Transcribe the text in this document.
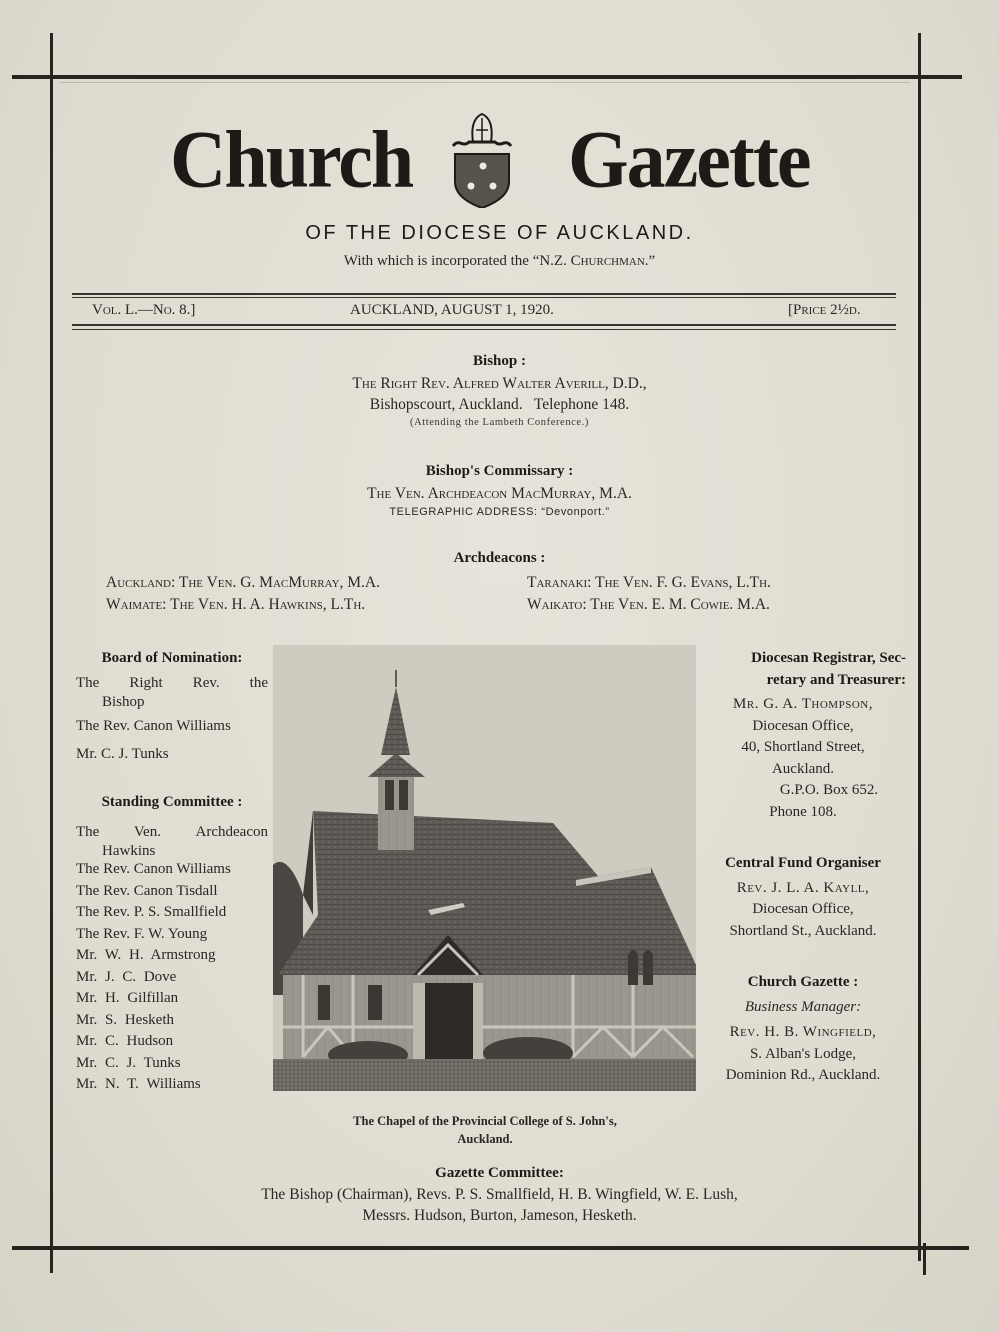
Church Gazette
OF THE DIOCESE OF AUCKLAND.
With which is incorporated the “N.Z. Churchman.”
Vol. L.—No. 8.]	AUCKLAND, AUGUST 1, 1920.	[Price 2½d.
Bishop :
The Right Rev. Alfred Walter Averill, D.D.,
Bishopscourt, Auckland.   Telephone 148.
(Attending the Lambeth Conference.)
Bishop's Commissary :
The Ven. Archdeacon MacMurray, M.A.
TELEGRAPHIC ADDRESS: “Devonport.”
Archdeacons :
Auckland: The Ven. G. MacMurray, M.A.
Waimate: The Ven. H. A. Hawkins, L.Th.
Taranaki: The Ven. F. G. Evans, L.Th.
Waikato: The Ven. E. M. Cowie. M.A.
Board of Nomination:
The Right Rev. the
Bishop
The Rev. Canon Williams
Mr. C. J. Tunks
Standing Committee :
The Ven. Archdeacon
Hawkins
The Rev. Canon Williams
The Rev. Canon Tisdall
The Rev. P. S. Smallfield
The Rev. F. W. Young
Mr. W. H. Armstrong
Mr. J. C. Dove
Mr. H. Gilfillan
Mr. S. Hesketh
Mr. C. Hudson
Mr. C. J. Tunks
Mr. N. T. Williams
The Chapel of the Provincial College of S. John's,
Auckland.
Diocesan Registrar, Sec-
retary and Treasurer:
Mr. G. A. Thompson,
Diocesan Office,
40, Shortland Street,
Auckland.
G.P.O. Box 652.
Phone 108.
Central Fund Organiser
Rev. J. L. A. Kayll,
Diocesan Office,
Shortland St., Auckland.
Church Gazette :
Business Manager:
Rev. H. B. Wingfield,
S. Alban's Lodge,
Dominion Rd., Auckland.
Gazette Committee:
The Bishop (Chairman), Revs. P. S. Smallfield, H. B. Wingfield, W. E. Lush,
Messrs. Hudson, Burton, Jameson, Hesketh.
